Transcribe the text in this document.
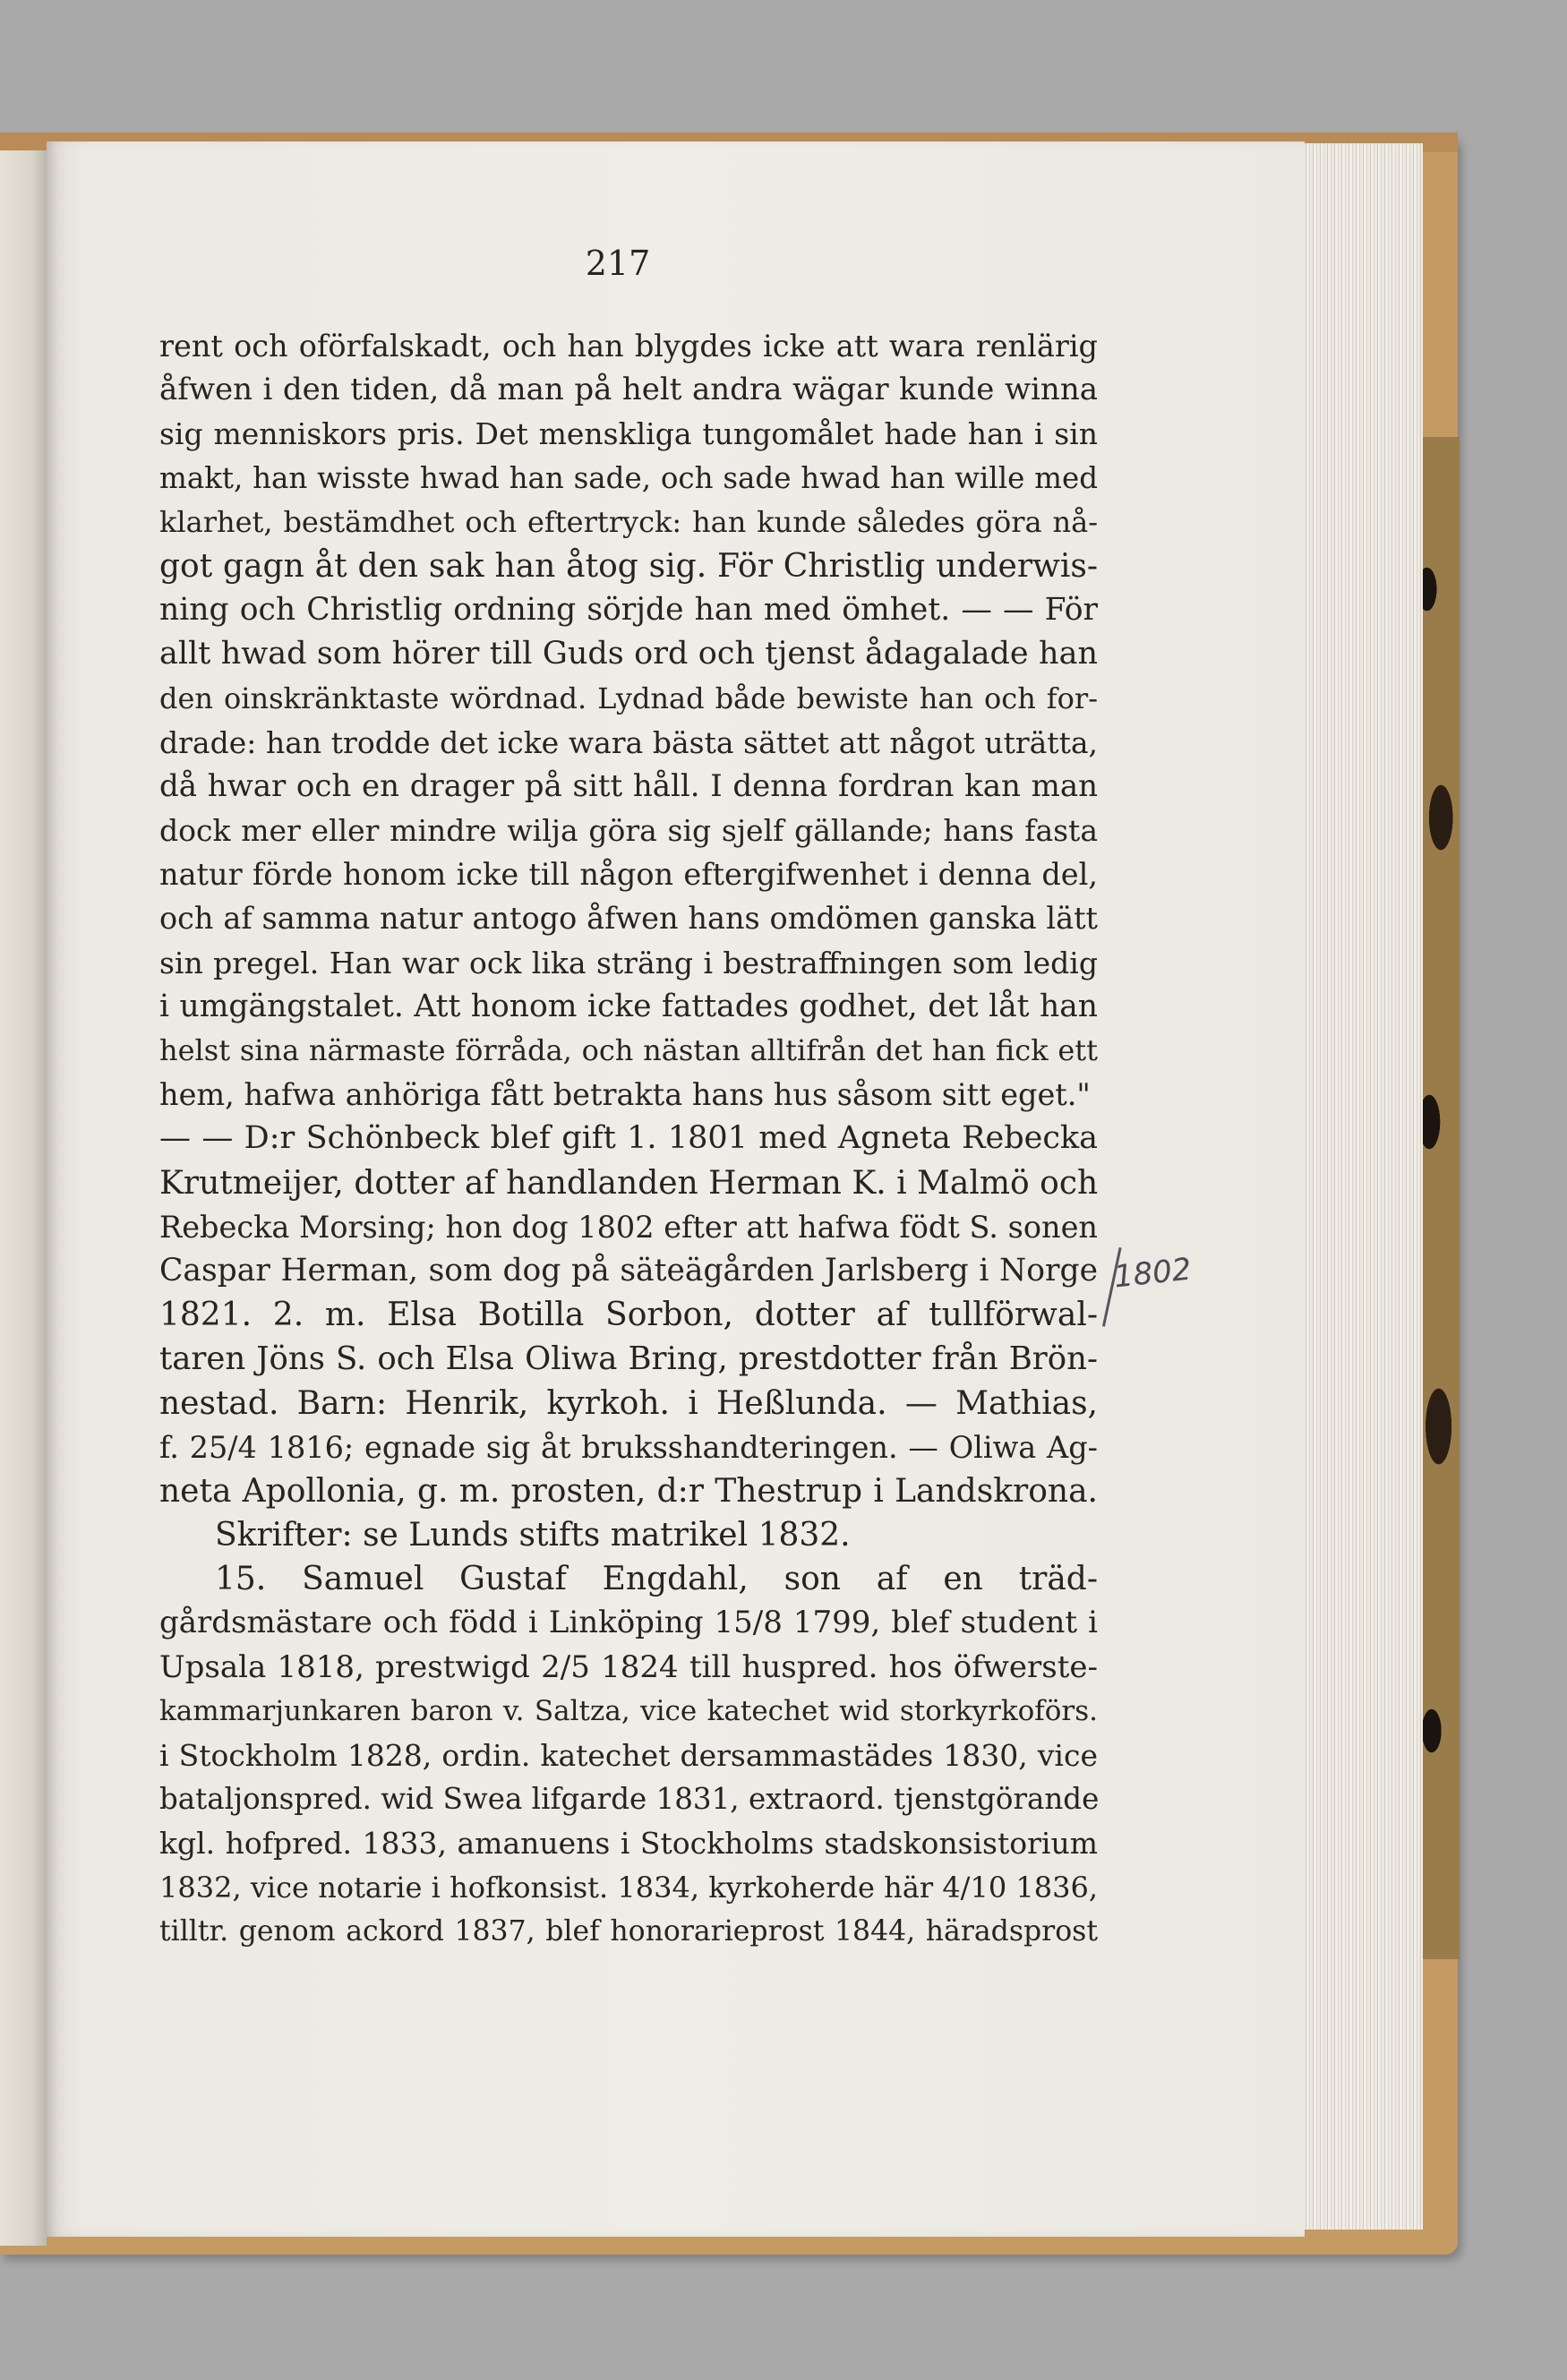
217
rent och oförfalskadt, och han blygdes icke att wara renlärig
åfwen i den tiden, då man på helt andra wägar kunde winna
sig menniskors pris. Det menskliga tungomålet hade han i sin
makt, han wisste hwad han sade, och sade hwad han wille med
klarhet, bestämdhet och eftertryck: han kunde således göra nå-
got gagn åt den sak han åtog sig. För Christlig underwis-
ning och Christlig ordning sörjde han med ömhet. — — För
allt hwad som hörer till Guds ord och tjenst ådagalade han
den oinskränktaste wördnad. Lydnad både bewiste han och for-
drade: han trodde det icke wara bästa sättet att något uträtta,
då hwar och en drager på sitt håll. I denna fordran kan man
dock mer eller mindre wilja göra sig sjelf gällande; hans fasta
natur förde honom icke till någon eftergifwenhet i denna del,
och af samma natur antogo åfwen hans omdömen ganska lätt
sin pregel. Han war ock lika sträng i bestraffningen som ledig
i umgängstalet. Att honom icke fattades godhet, det låt han
helst sina närmaste förråda, och nästan alltifrån det han fick ett
hem, hafwa anhöriga fått betrakta hans hus såsom sitt eget."
— — D:r Schönbeck blef gift 1. 1801 med Agneta Rebecka
Krutmeijer, dotter af handlanden Herman K. i Malmö och
Rebecka Morsing; hon dog 1802 efter att hafwa födt S. sonen
Caspar Herman, som dog på säteägården Jarlsberg i Norge
1821. 2. m. Elsa Botilla Sorbon, dotter af tullförwal-
taren Jöns S. och Elsa Oliwa Bring, prestdotter från Brön-
nestad. Barn: Henrik, kyrkoh. i Heßlunda. — Mathias,
f. 25/4 1816; egnade sig åt bruksshandteringen. — Oliwa Ag-
neta Apollonia, g. m. prosten, d:r Thestrup i Landskrona.
Skrifter: se Lunds stifts matrikel 1832.
15. Samuel Gustaf Engdahl, son af en träd-
gårdsmästare och född i Linköping 15/8 1799, blef student i
Upsala 1818, prestwigd 2/5 1824 till huspred. hos öfwerste-
kammarjunkaren baron v. Saltza, vice katechet wid storkyrkoförs.
i Stockholm 1828, ordin. katechet dersammastädes 1830, vice
bataljonspred. wid Swea lifgarde 1831, extraord. tjenstgörande
kgl. hofpred. 1833, amanuens i Stockholms stadskonsistorium
1832, vice notarie i hofkonsist. 1834, kyrkoherde här 4/10 1836,
tilltr. genom ackord 1837, blef honorarieprost 1844, häradsprost
1802
